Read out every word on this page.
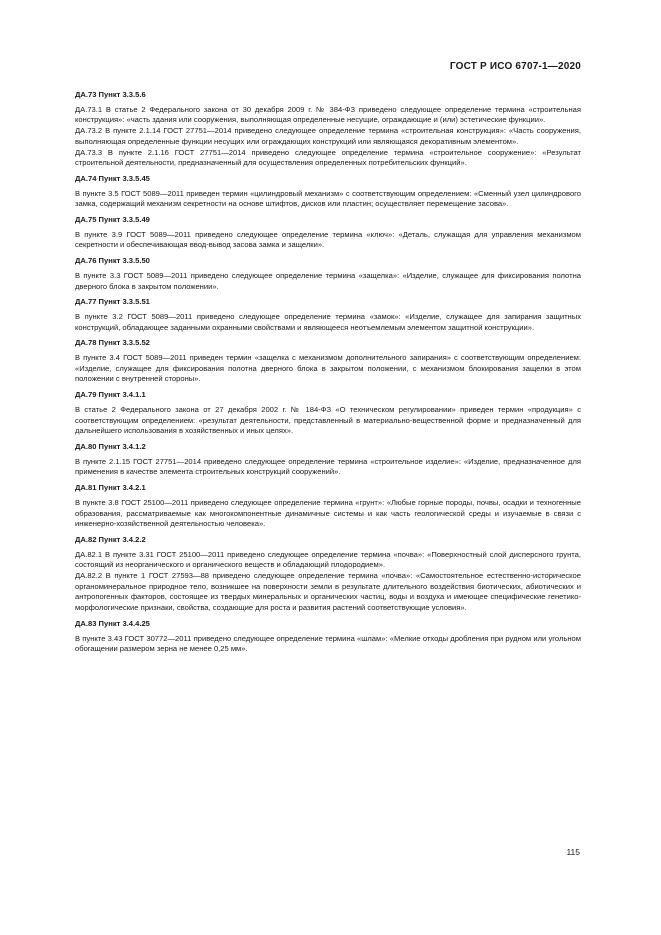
ГОСТ Р ИСО 6707-1—2020
ДА.73 Пункт 3.3.5.6

ДА.73.1 В статье 2 Федерального закона от 30 декабря 2009 г. № 384-ФЗ приведено следующее определение термина «строительная конструкция»: «часть здания или сооружения, выполняющая определенные несущие, ограждающие и (или) эстетические функции».

ДА.73.2 В пункте 2.1.14 ГОСТ 27751—2014 приведено следующее определение термина «строительная конструкция»: «Часть сооружения, выполняющая определенные функции несущих или ограждающих конструкций или являющаяся декоративным элементом».

ДА.73.3 В пункте 2.1.16 ГОСТ 27751—2014 приведено следующее определение термина «строительное сооружение»: «Результат строительной деятельности, предназначенный для осуществления определенных потребительских функций».

ДА.74 Пункт 3.3.5.45

В пункте 3.5 ГОСТ 5089—2011 приведен термин «цилиндровый механизм» с соответствующим определением: «Сменный узел цилиндрового замка, содержащий механизм секретности на основе штифтов, дисков или пластин; осуществляет перемещение засова».

ДА.75 Пункт 3.3.5.49

В пункте 3.9 ГОСТ 5089—2011 приведено следующее определение термина «ключ»: «Деталь, служащая для управления механизмом секретности и обеспечивающая ввод-вывод засова замка и защелки».

ДА.76 Пункт 3.3.5.50

В пункте 3.3 ГОСТ 5089—2011 приведено следующее определение термина «защелка»: «Изделие, служащее для фиксирования полотна дверного блока в закрытом положении».

ДА.77 Пункт 3.3.5.51

В пункте 3.2 ГОСТ 5089—2011 приведено следующее определение термина «замок»: «Изделие, служащее для запирания защитных конструкций, обладающее заданными охранными свойствами и являющееся неотъемлемым элементом защитной конструкции».

ДА.78 Пункт 3.3.5.52

В пункте 3.4 ГОСТ 5089—2011 приведен термин «защелка с механизмом дополнительного запирания» с соответствующим определением: «Изделие, служащее для фиксирования полотна дверного блока в закрытом положении, с механизмом блокирования защелки в этом положении с внутренней стороны».

ДА.79 Пункт 3.4.1.1

В статье 2 Федерального закона от 27 декабря 2002 г. № 184-ФЗ «О техническом регулировании» приведен термин «продукция» с соответствующим определением: «результат деятельности, представленный в материально-вещественной форме и предназначенный для дальнейшего использования в хозяйственных и иных целях».

ДА.80 Пункт 3.4.1.2

В пункте 2.1.15 ГОСТ 27751—2014 приведено следующее определение термина «строительное изделие»: «Изделие, предназначенное для применения в качестве элемента строительных конструкций сооружений».

ДА.81 Пункт 3.4.2.1

В пункте 3.8 ГОСТ 25100—2011 приведено следующее определение термина «грунт»: «Любые горные породы, почвы, осадки и техногенные образования, рассматриваемые как многокомпонентные динамичные системы и как часть геологической среды и изучаемые в связи с инженерно-хозяйственной деятельностью человека».

ДА.82 Пункт 3.4.2.2

ДА.82.1 В пункте 3.31 ГОСТ 25100—2011 приведено следующее определение термина «почва»: «Поверхностный слой дисперсного грунта, состоящий из неорганического и органического веществ и обладающий плодородием».

ДА.82.2 В пункте 1 ГОСТ 27593—88 приведено следующее определение термина «почва»: «Самостоятельное естественно-историческое органоминеральное природное тело, возникшее на поверхности земли в результате длительного воздействия биотических, абиотических и антропогенных факторов, состоящее из твердых минеральных и органических частиц, воды и воздуха и имеющее специфические генетико-морфологические признаки, свойства, создающие для роста и развития растений соответствующие условия».

ДА.83 Пункт 3.4.4.25

В пункте 3.43 ГОСТ 30772—2011 приведено следующее определение термина «шлам»: «Мелкие отходы дробления при рудном или угольном обогащении размером зерна не менее 0,25 мм».

115
